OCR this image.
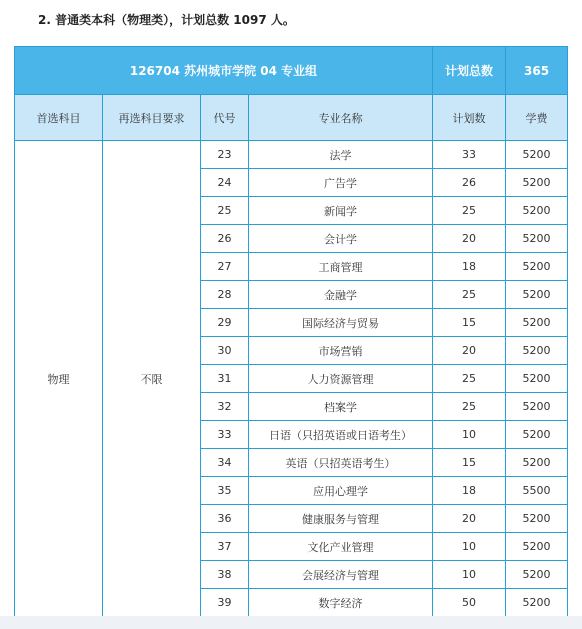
2. 普通类本科（物理类），计划总数 1097 人。
126704 苏州城市学院 04 专业组				计划总数	365
首选科目	再选科目要求	代号	专业名称	计划数	学费
物理	不限	23	法学	33	5200
		24	广告学	26	5200
		25	新闻学	25	5200
		26	会计学	20	5200
		27	工商管理	18	5200
		28	金融学	25	5200
		29	国际经济与贸易	15	5200
		30	市场营销	20	5200
		31	人力资源管理	25	5200
		32	档案学	25	5200
		33	日语（只招英语或日语考生）	10	5200
		34	英语（只招英语考生）	15	5200
		35	应用心理学	18	5500
		36	健康服务与管理	20	5200
		37	文化产业管理	10	5200
		38	会展经济与管理	10	5200
		39	数字经济	50	5200
